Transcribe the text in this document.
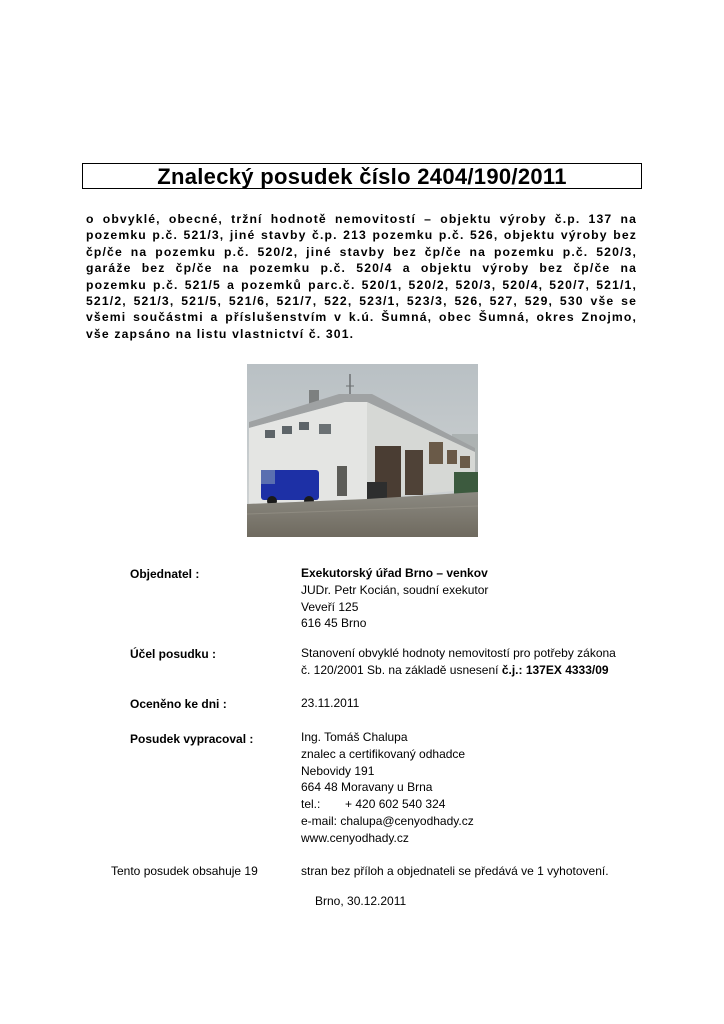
Znalecký posudek číslo 2404/190/2011
o obvyklé, obecné, tržní hodnotě nemovitostí – objektu výroby č.p. 137 na
pozemku p.č. 521/3, jiné stavby č.p. 213 pozemku p.č. 526, objektu výroby bez
čp/če na pozemku p.č. 520/2, jiné stavby bez čp/če na pozemku p.č. 520/3,
garáže bez čp/če na pozemku p.č. 520/4 a objektu výroby bez čp/če na
pozemku p.č. 521/5 a pozemků parc.č. 520/1, 520/2, 520/3, 520/4, 520/7, 521/1,
521/2, 521/3, 521/5, 521/6, 521/7, 522, 523/1, 523/3, 526, 527, 529, 530 vše se
všemi součástmi a příslušenstvím v k.ú. Šumná, obec Šumná, okres Znojmo,
vše zapsáno na listu vlastnictví č. 301.
Objednatel :	Exekutorský úřad Brno – venkov
JUDr. Petr Kocián, soudní exekutor
Veveří 125
616 45 Brno
Účel posudku :	Stanovení obvyklé hodnoty nemovitostí pro potřeby zákona
č. 120/2001 Sb. na základě usnesení č.j.: 137EX 4333/09
Oceněno ke dni :	23.11.2011
Posudek vypracoval :	Ing. Tomáš Chalupa
znalec a certifikovaný odhadce
Nebovidy 191
664 48 Moravany u Brna
tel.: + 420 602 540 324
e-mail: chalupa@cenyodhady.cz
www.cenyodhady.cz
Tento posudek obsahuje 19	stran bez příloh a objednateli se předává ve 1 vyhotovení.
Brno, 30.12.2011
